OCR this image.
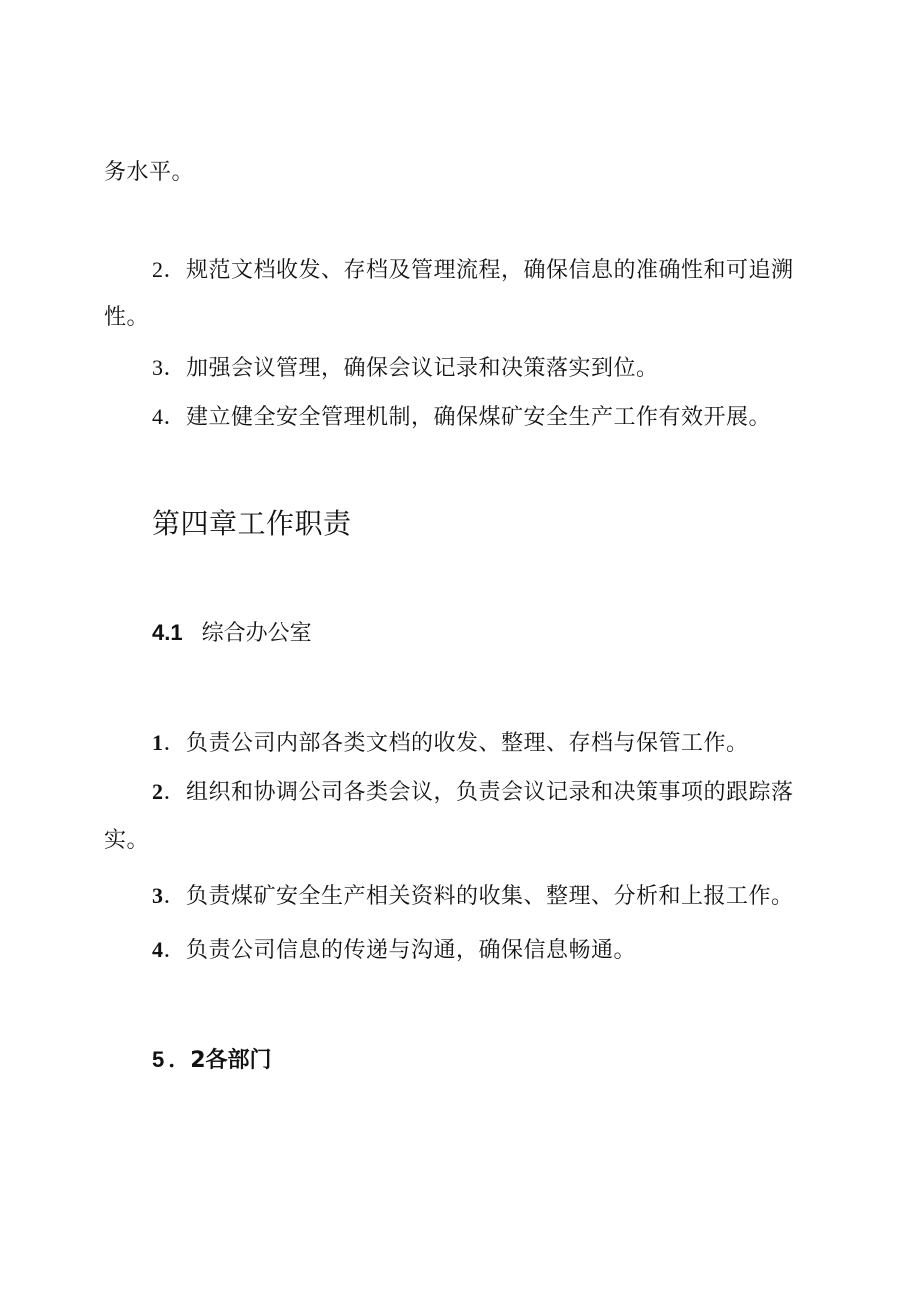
务水平。
2．规范文档收发、存档及管理流程，确保信息的准确性和可追溯
性。
3．加强会议管理，确保会议记录和决策落实到位。
4．建立健全安全管理机制，确保煤矿安全生产工作有效开展。
第四章工作职责
4.1 综合办公室
1．负责公司内部各类文档的收发、整理、存档与保管工作。
2．组织和协调公司各类会议，负责会议记录和决策事项的跟踪落
实。
3．负责煤矿安全生产相关资料的收集、整理、分析和上报工作。
4．负责公司信息的传递与沟通，确保信息畅通。
5 ．2各部门
